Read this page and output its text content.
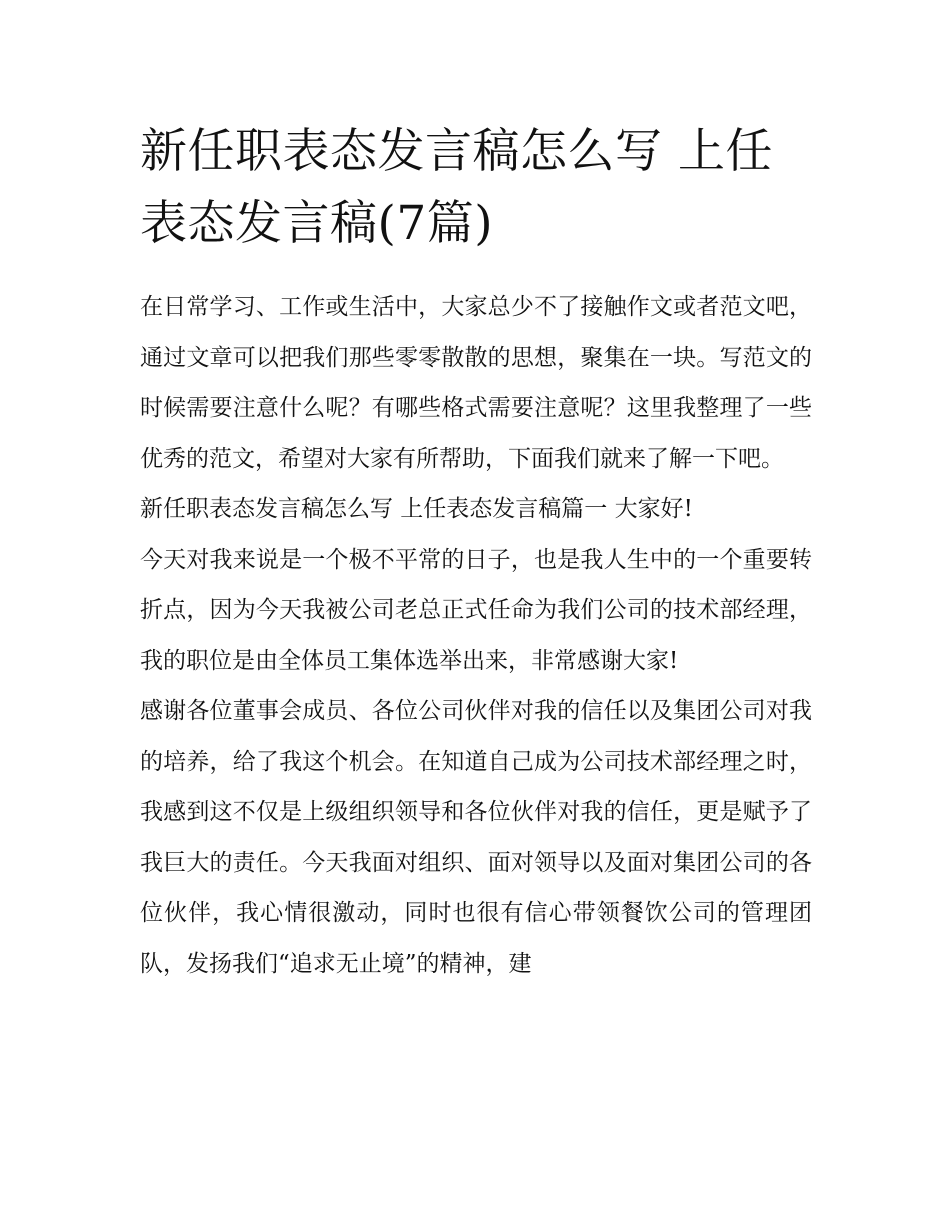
新任职表态发言稿怎么写 上任表态发言稿(7篇)

在日常学习、工作或生活中，大家总少不了接触作文或者范文吧，通过文章可以把我们那些零零散散的思想，聚集在一块。写范文的时候需要注意什么呢？有哪些格式需要注意呢？这里我整理了一些优秀的范文，希望对大家有所帮助，下面我们就来了解一下吧。

新任职表态发言稿怎么写 上任表态发言稿篇一 大家好!

今天对我来说是一个极不平常的日子，也是我人生中的一个重要转折点，因为今天我被公司老总正式任命为我们公司的技术部经理，我的职位是由全体员工集体选举出来，非常感谢大家!

感谢各位董事会成员、各位公司伙伴对我的信任以及集团公司对我的培养，给了我这个机会。在知道自己成为公司技术部经理之时，我感到这不仅是上级组织领导和各位伙伴对我的信任，更是赋予了我巨大的责任。今天我面对组织、面对领导以及面对集团公司的各位伙伴，我心情很激动，同时也很有信心带领餐饮公司的管理团队，发扬我们“追求无止境”的精神，建
